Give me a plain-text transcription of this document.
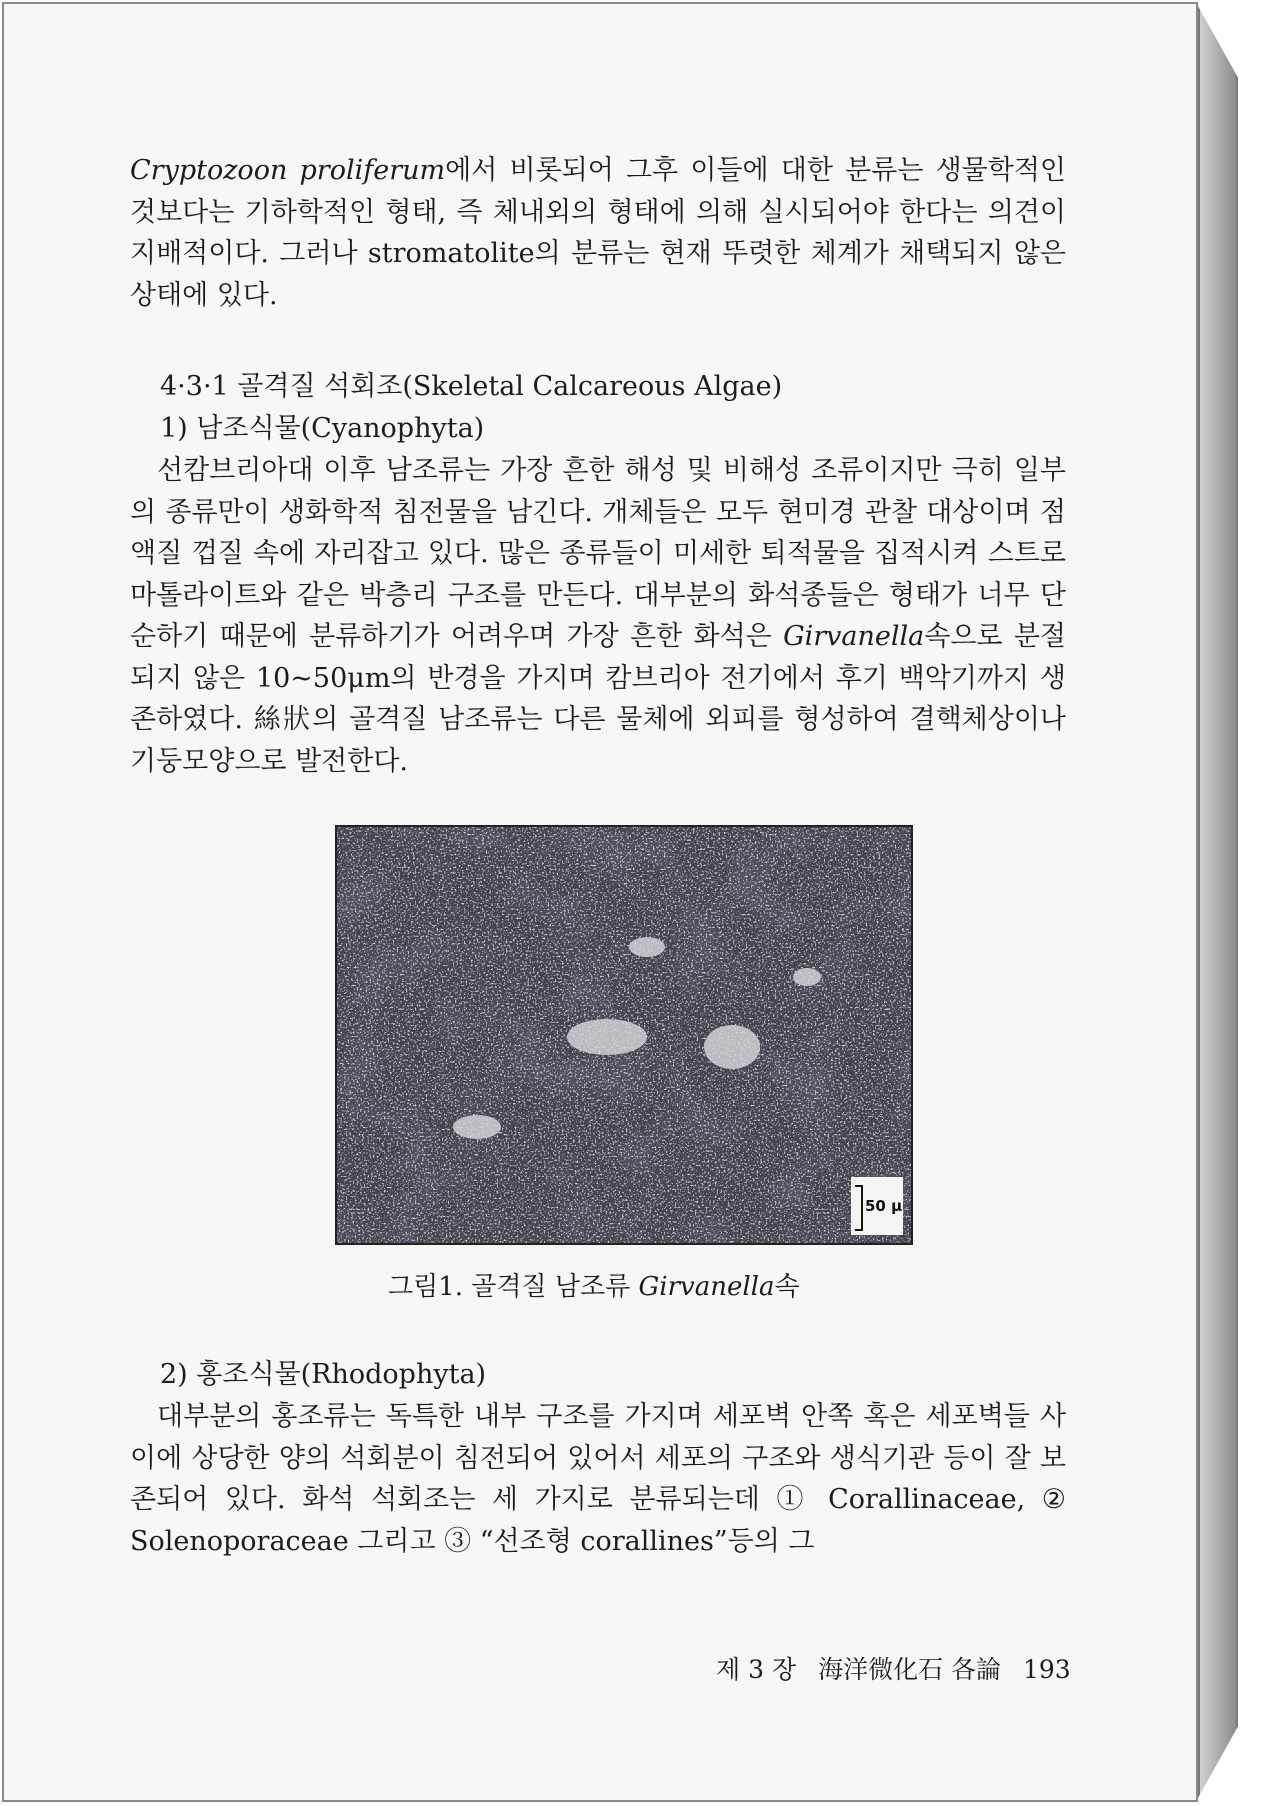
Cryptozoon proliferum에서 비롯되어 그후 이들에 대한 분류는 생물학적인 것보다는 기하학적인 형태, 즉 체내외의 형태에 의해 실시되어야 한다는 의견이 지배적이다. 그러나 stromatolite의 분류는 현재 뚜렷한 체계가 채택되지 않은 상태에 있다.

4·3·1 골격질 석회조(Skeletal Calcareous Algae)

1) 남조식물(Cyanophyta)

선캄브리아대 이후 남조류는 가장 흔한 해성 및 비해성 조류이지만 극히 일부의 종류만이 생화학적 침전물을 남긴다. 개체들은 모두 현미경 관찰 대상이며 점액질 껍질 속에 자리잡고 있다. 많은 종류들이 미세한 퇴적물을 집적시켜 스트로마톨라이트와 같은 박층리 구조를 만든다. 대부분의 화석종들은 형태가 너무 단순하기 때문에 분류하기가 어려우며 가장 흔한 화석은 Girvanella속으로 분절되지 않은 10~50μm의 반경을 가지며 캄브리아 전기에서 후기 백악기까지 생존하였다. 絲狀의 골격질 남조류는 다른 물체에 외피를 형성하여 결핵체상이나 기둥모양으로 발전한다.

50 μ
그림1. 골격질 남조류 Girvanella속

2) 홍조식물(Rhodophyta)

대부분의 홍조류는 독특한 내부 구조를 가지며 세포벽 안쪽 혹은 세포벽들 사이에 상당한 양의 석회분이 침전되어 있어서 세포의 구조와 생식기관 등이 잘 보존되어 있다. 화석 석회조는 세 가지로 분류되는데 ① Corallinaceae, ② Solenoporaceae 그리고 ③ “선조형 corallines”등의 그

제 3 장 海洋微化石 各論 193
